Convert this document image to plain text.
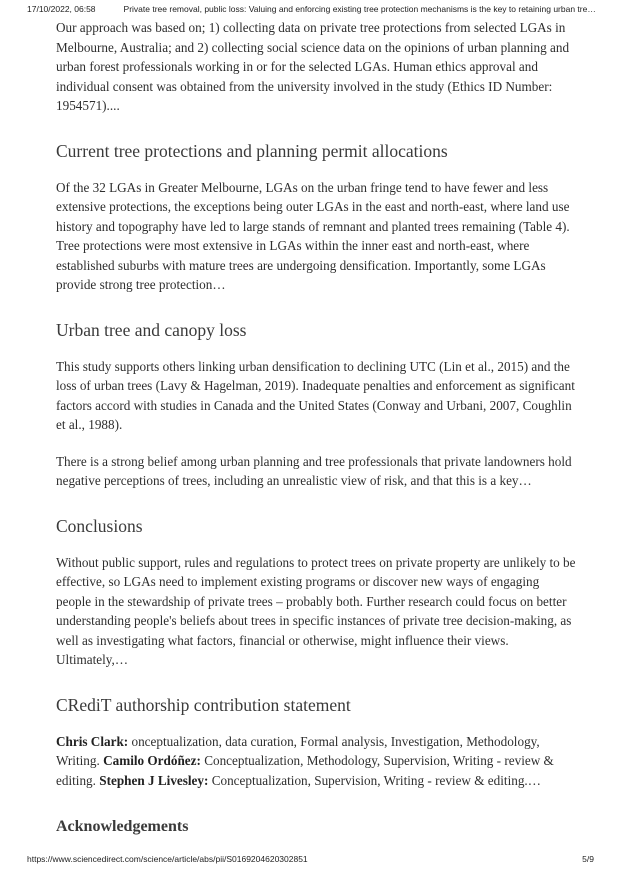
17/10/2022, 06:58	Private tree removal, public loss: Valuing and enforcing existing tree protection mechanisms is the key to retaining urban tre…

Our approach was based on; 1) collecting data on private tree protections from selected LGAs in Melbourne, Australia; and 2) collecting social science data on the opinions of urban planning and urban forest professionals working in or for the selected LGAs. Human ethics approval and individual consent was obtained from the university involved in the study (Ethics ID Number: 1954571)....

Current tree protections and planning permit allocations

Of the 32 LGAs in Greater Melbourne, LGAs on the urban fringe tend to have fewer and less extensive protections, the exceptions being outer LGAs in the east and north-east, where land use history and topography have led to large stands of remnant and planted trees remaining (Table 4). Tree protections were most extensive in LGAs within the inner east and north-east, where established suburbs with mature trees are undergoing densification. Importantly, some LGAs provide strong tree protection…

Urban tree and canopy loss

This study supports others linking urban densification to declining UTC (Lin et al., 2015) and the loss of urban trees (Lavy & Hagelman, 2019). Inadequate penalties and enforcement as significant factors accord with studies in Canada and the United States (Conway and Urbani, 2007, Coughlin et al., 1988).

There is a strong belief among urban planning and tree professionals that private landowners hold negative perceptions of trees, including an unrealistic view of risk, and that this is a key…

Conclusions

Without public support, rules and regulations to protect trees on private property are unlikely to be effective, so LGAs need to implement existing programs or discover new ways of engaging people in the stewardship of private trees – probably both. Further research could focus on better understanding people's beliefs about trees in specific instances of private tree decision-making, as well as investigating what factors, financial or otherwise, might influence their views. Ultimately,…

CRediT authorship contribution statement

Chris Clark: onceptualization, data curation, Formal analysis, Investigation, Methodology, Writing. Camilo Ordóñez: Conceptualization, Methodology, Supervision, Writing - review & editing. Stephen J Livesley: Conceptualization, Supervision, Writing - review & editing.…

Acknowledgements
https://www.sciencedirect.com/science/article/abs/pii/S0169204620302851	5/9
